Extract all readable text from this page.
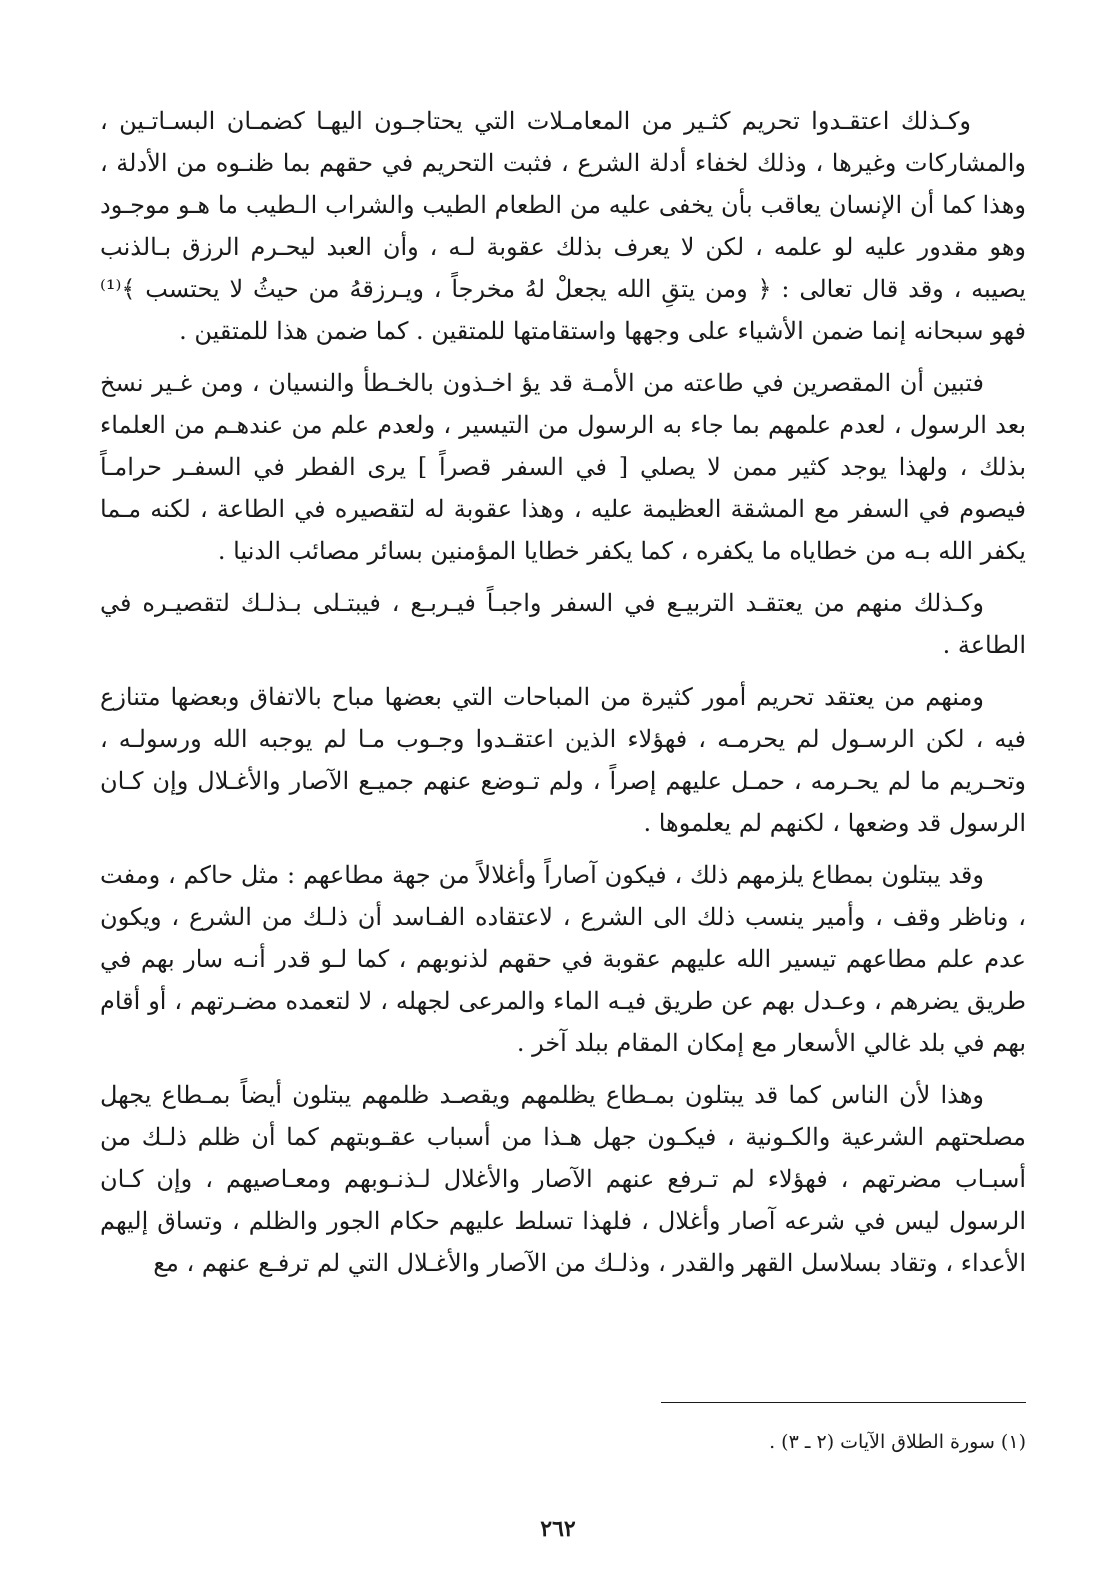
وكـذلك اعتقـدوا تحريم كثـير من المعامـلات التي يحتاجـون اليهـا كضمـان البسـاتـين ، والمشاركات وغيرها ، وذلك لخفاء أدلة الشرع ، فثبت التحريم في حقهم بما ظنـوه من الأدلة ، وهذا كما أن الإنسان يعاقب بأن يخفى عليه من الطعام الطيب والشراب الـطيب ما هـو موجـود وهو مقدور عليه لو علمه ، لكن لا يعرف بذلك عقوبة لـه ، وأن العبد ليحـرم الرزق بـالذنب يصيبه ، وقد قال تعالى : ﴿ ومن يتقِ الله يجعلْ لهُ مخرجاً ، ويـرزقهُ من حيثُ لا يحتسب ﴾⁽¹⁾ فهو سبحانه إنما ضمن الأشياء على وجهها واستقامتها للمتقين . كما ضمن هذا للمتقين .

فتبين أن المقصرين في طاعته من الأمـة قد يؤ اخـذون بالخـطأ والنسيان ، ومن غـير نسخ بعد الرسول ، لعدم علمهم بما جاء به الرسول من التيسير ، ولعدم علم من عندهـم من العلماء بذلك ، ولهذا يوجد كثير ممن لا يصلي [ في السفر قصراً ] يرى الفطر في السفـر حرامـاً فيصوم في السفر مع المشقة العظيمة عليه ، وهذا عقوبة له لتقصيره في الطاعة ، لكنه مـما يكفر الله بـه من خطاياه ما يكفره ، كما يكفر خطايا المؤمنين بسائر مصائب الدنيا .

وكـذلك منهم من يعتقـد التربيـع في السفر واجبـاً فيـربـع ، فيبتـلى بـذلـك لتقصيـره في الطاعة .

ومنهم من يعتقد تحريم أمور كثيرة من المباحات التي بعضها مباح بالاتفاق وبعضها متنازع فيه ، لكن الرسـول لم يحرمـه ، فهؤلاء الذين اعتقـدوا وجـوب مـا لم يوجبه الله ورسولـه ، وتحـريم ما لم يحـرمه ، حمـل عليهم إصراً ، ولم تـوضع عنهم جميـع الآصار والأغـلال وإن كـان الرسول قد وضعها ، لكنهم لم يعلموها .

وقد يبتلون بمطاع يلزمهم ذلك ، فيكون آصاراً وأغلالاً من جهة مطاعهم : مثل حاكم ، ومفت ، وناظر وقف ، وأمير ينسب ذلك الى الشرع ، لاعتقاده الفـاسد أن ذلـك من الشرع ، ويكون عدم علم مطاعهم تيسير الله عليهم عقوبة في حقهم لذنوبهم ، كما لـو قدر أنـه سار بهم في طريق يضرهم ، وعـدل بهم عن طريق فيـه الماء والمرعى لجهله ، لا لتعمده مضـرتهم ، أو أقام بهم في بلد غالي الأسعار مع إمكان المقام ببلد آخر .

وهذا لأن الناس كما قد يبتلون بمـطاع يظلمهم ويقصـد ظلمهم يبتلون أيضاً بمـطاع يجهل مصلحتهم الشرعية والكـونية ، فيكـون جهل هـذا من أسباب عقـوبتهم كما أن ظلم ذلـك من أسبـاب مضرتهم ، فهؤلاء لم تـرفع عنهم الآصار والأغلال لـذنـوبهم ومعـاصيهم ، وإن كـان الرسول ليس في شرعه آصار وأغلال ، فلهذا تسلط عليهم حكام الجور والظلم ، وتساق إليهم الأعداء ، وتقاد بسلاسل القهر والقدر ، وذلـك من الآصار والأغـلال التي لم ترفـع عنهم ، مع

(١) سورة الطلاق الآيات (٢ ـ ٣) .
٢٦٢
